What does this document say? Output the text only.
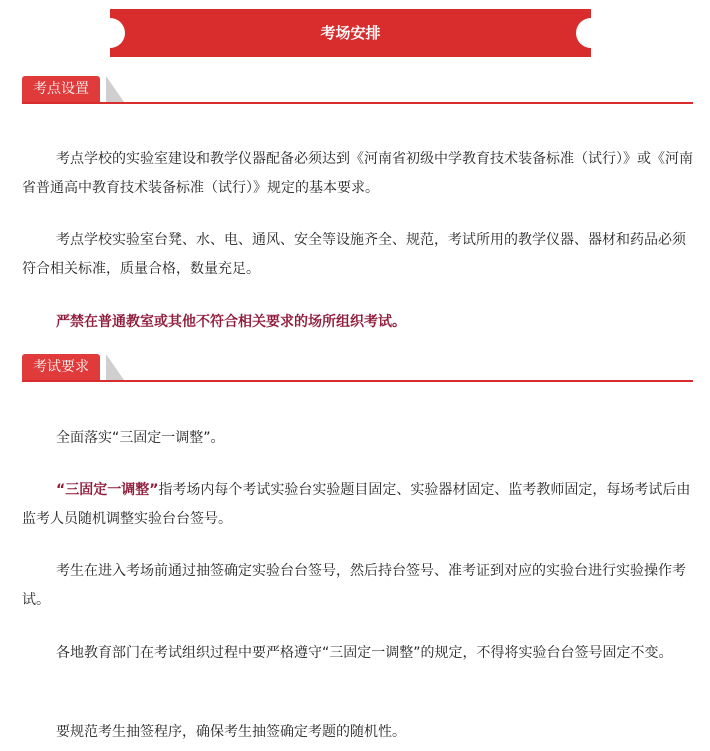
考场安排
考点设置

考点学校的实验室建设和教学仪器配备必须达到《河南省初级中学教育技术装备标准（试行）》或《河南省普通高中教育技术装备标准（试行）》规定的基本要求。

考点学校实验室台凳、水、电、通风、安全等设施齐全、规范，考试所用的教学仪器、器材和药品必须符合相关标准，质量合格，数量充足。

严禁在普通教室或其他不符合相关要求的场所组织考试。

考试要求

全面落实“三固定一调整”。

“三固定一调整”指考场内每个考试实验台实验题目固定、实验器材固定、监考教师固定，每场考试后由监考人员随机调整实验台台签号。

考生在进入考场前通过抽签确定实验台台签号，然后持台签号、准考证到对应的实验台进行实验操作考试。

各地教育部门在考试组织过程中要严格遵守“三固定一调整”的规定，不得将实验台台签号固定不变。

要规范考生抽签程序，确保考生抽签确定考题的随机性。
